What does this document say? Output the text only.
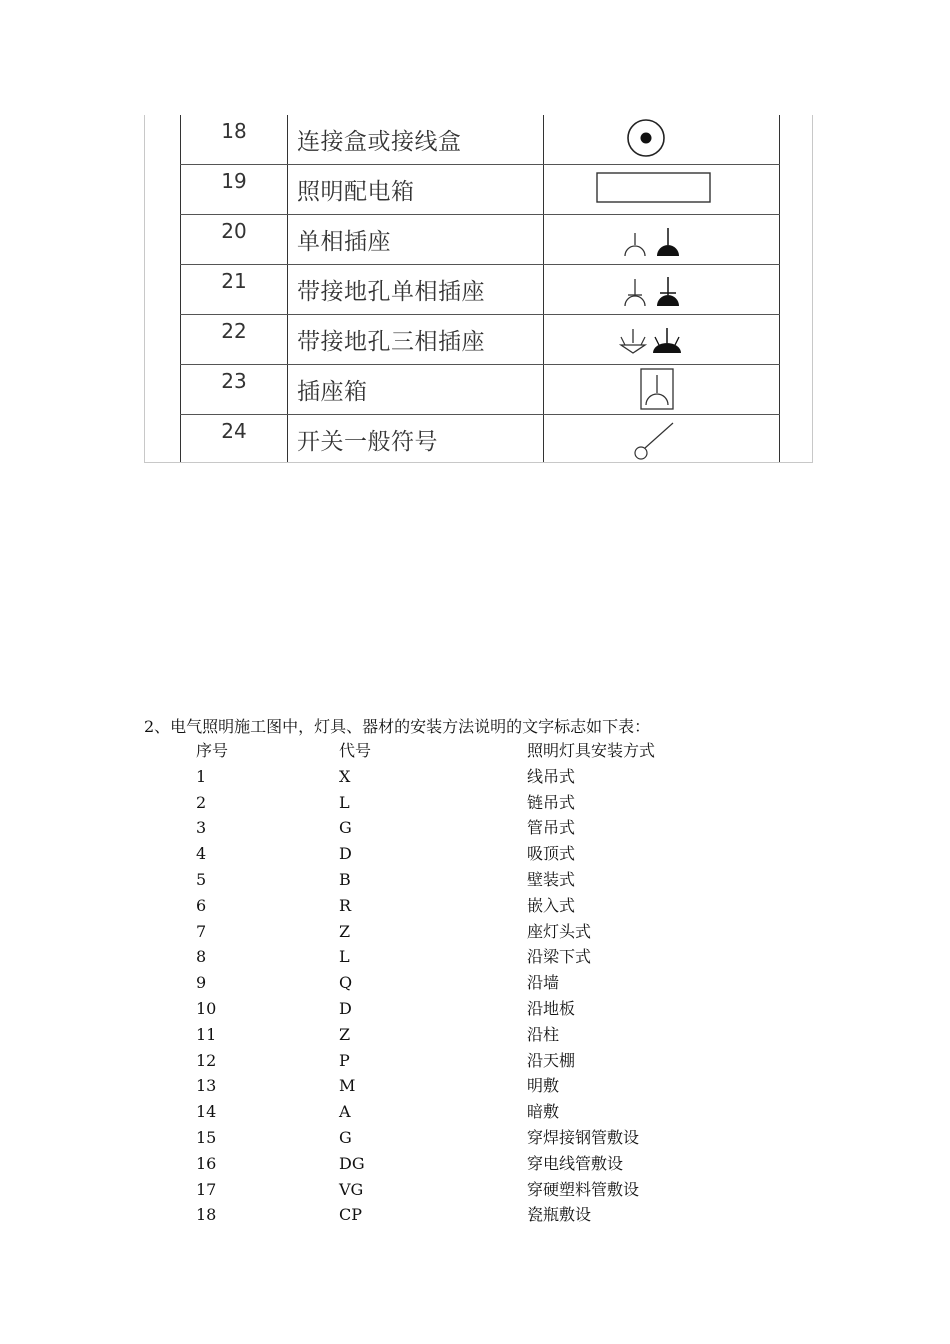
18	连接盒或接线盒
19	照明配电箱
20	单相插座
21	带接地孔单相插座
22	带接地孔三相插座
23	插座箱
24	开关一般符号
2、电气照明施工图中，灯具、器材的安装方法说明的文字标志如下表：
序号	代号	照明灯具安装方式
1	X	线吊式
2	L	链吊式
3	G	管吊式
4	D	吸顶式
5	B	壁装式
6	R	嵌入式
7	Z	座灯头式
8	L	沿梁下式
9	Q	沿墙
10	D	沿地板
11	Z	沿柱
12	P	沿天棚
13	M	明敷
14	A	暗敷
15	G	穿焊接钢管敷设
16	DG	穿电线管敷设
17	VG	穿硬塑料管敷设
18	CP	瓷瓶敷设
